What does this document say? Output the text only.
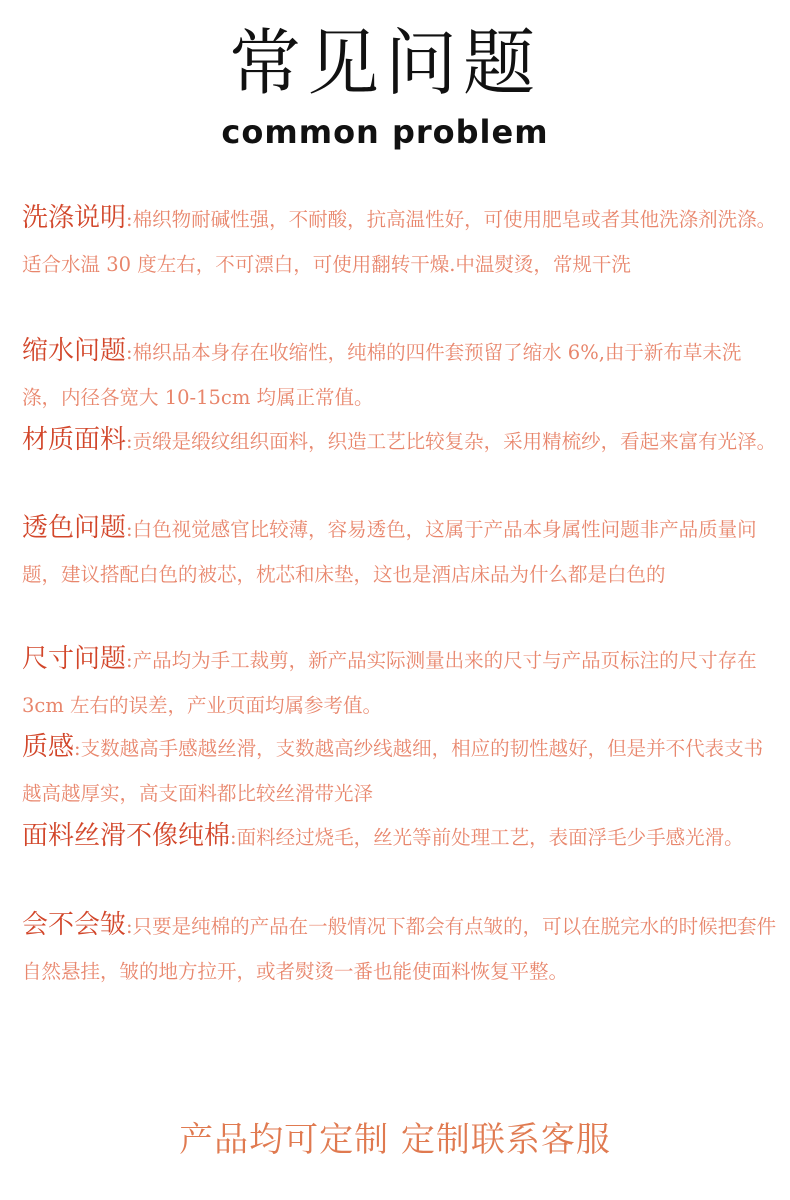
常见问题
common problem
洗涤说明:棉织物耐碱性强，不耐酸，抗高温性好，可使用肥皂或者其他洗涤剂洗涤。适合水温 30 度左右，不可漂白，可使用翻转干燥.中温熨烫，常规干洗
缩水问题:棉织品本身存在收缩性，纯棉的四件套预留了缩水 6%,由于新布草未洗涤，内径各宽大 10-15cm 均属正常值。
材质面料:贡缎是缎纹组织面料，织造工艺比较复杂，采用精梳纱，看起来富有光泽。
透色问题:白色视觉感官比较薄，容易透色，这属于产品本身属性问题非产品质量问题，建议搭配白色的被芯，枕芯和床垫，这也是酒店床品为什么都是白色的
尺寸问题:产品均为手工裁剪，新产品实际测量出来的尺寸与产品页标注的尺寸存在 3cm 左右的误差，产业页面均属参考值。
质感:支数越高手感越丝滑，支数越高纱线越细，相应的韧性越好，但是并不代表支书越高越厚实，高支面料都比较丝滑带光泽
面料丝滑不像纯棉:面料经过烧毛，丝光等前处理工艺，表面浮毛少手感光滑。
会不会皱:只要是纯棉的产品在一般情况下都会有点皱的，可以在脱完水的时候把套件自然悬挂，皱的地方拉开，或者熨烫一番也能使面料恢复平整。
产品均可定制 定制联系客服
